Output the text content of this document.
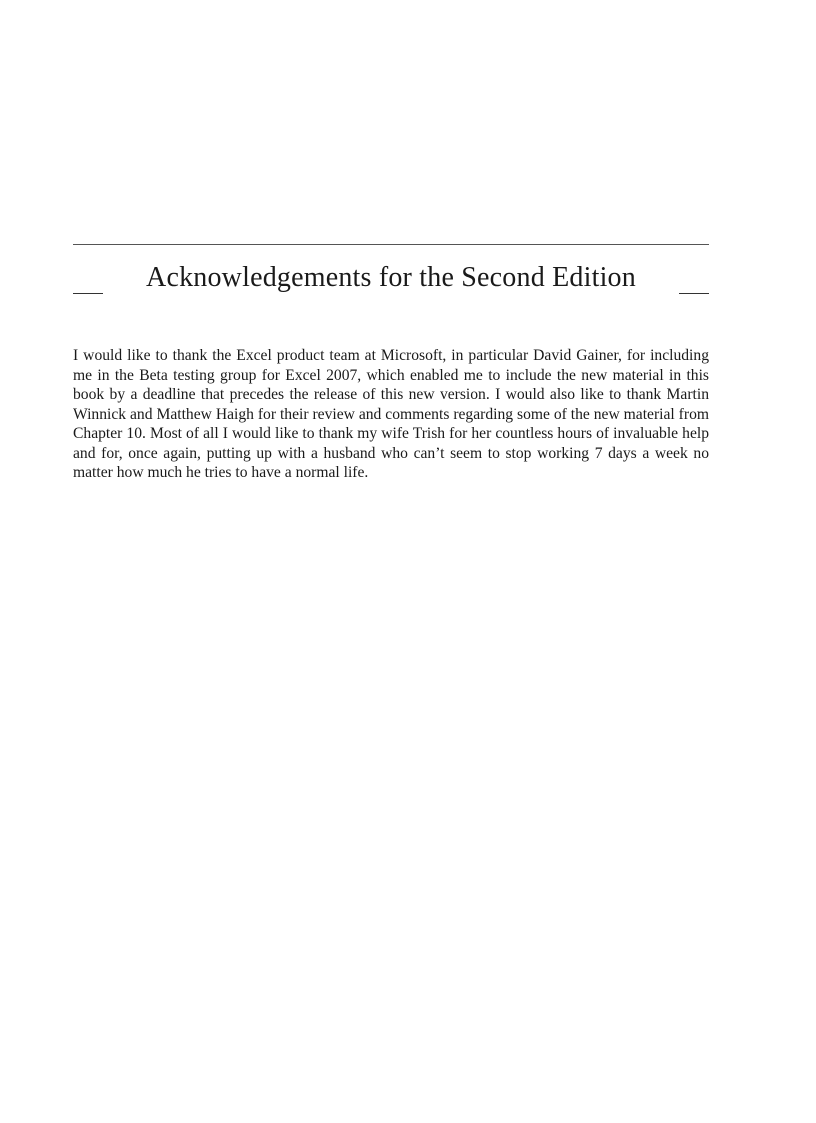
Acknowledgements for the Second Edition

I would like to thank the Excel product team at Microsoft, in particular David Gainer, for including me in the Beta testing group for Excel 2007, which enabled me to include the new material in this book by a deadline that precedes the release of this new version. I would also like to thank Martin Winnick and Matthew Haigh for their review and comments regarding some of the new material from Chapter 10. Most of all I would like to thank my wife Trish for her countless hours of invaluable help and for, once again, putting up with a husband who can’t seem to stop working 7 days a week no matter how much he tries to have a normal life.
